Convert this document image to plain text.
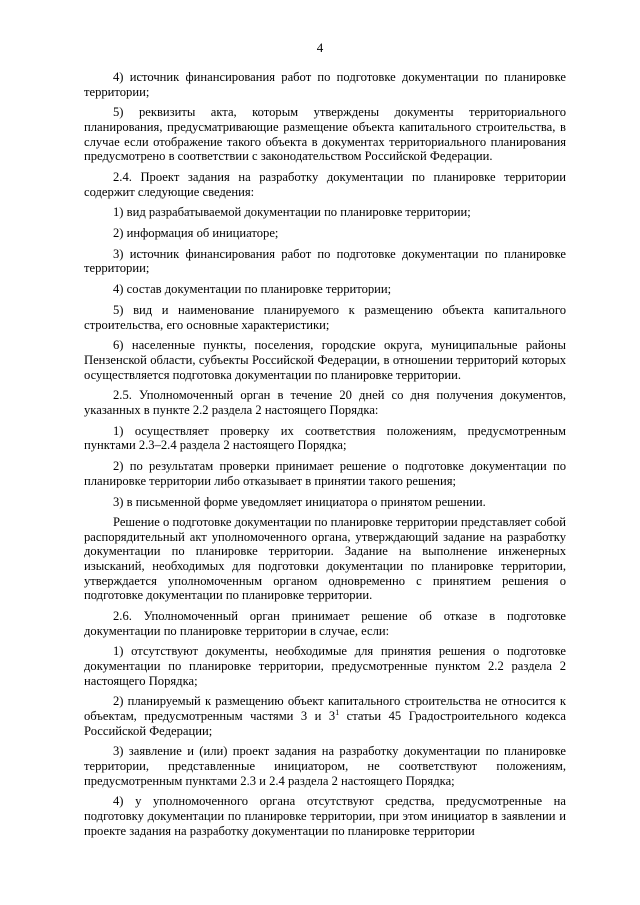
4

4) источник финансирования работ по подготовке документации по планировке территории;

5) реквизиты акта, которым утверждены документы территориального планирования, предусматривающие размещение объекта капитального строительства, в случае если отображение такого объекта в документах территориального планирования предусмотрено в соответствии с законодательством Российской Федерации.

2.4. Проект задания на разработку документации по планировке территории содержит следующие сведения:

1) вид разрабатываемой документации по планировке территории;

2) информация об инициаторе;

3) источник финансирования работ по подготовке документации по планировке территории;

4) состав документации по планировке территории;

5) вид и наименование планируемого к размещению объекта капитального строительства, его основные характеристики;

6) населенные пункты, поселения, городские округа, муниципальные районы Пензенской области, субъекты Российской Федерации, в отношении территорий которых осуществляется подготовка документации по планировке территории.

2.5. Уполномоченный орган в течение 20 дней со дня получения документов, указанных в пункте 2.2 раздела 2 настоящего Порядка:

1) осуществляет проверку их соответствия положениям, предусмотренным пунктами 2.3–2.4 раздела 2 настоящего Порядка;

2) по результатам проверки принимает решение о подготовке документации по планировке территории либо отказывает в принятии такого решения;

3) в письменной форме уведомляет инициатора о принятом решении.

Решение о подготовке документации по планировке территории представляет собой распорядительный акт уполномоченного органа, утверждающий задание на разработку документации по планировке территории. Задание на выполнение инженерных изысканий, необходимых для подготовки документации по планировке территории, утверждается уполномоченным органом одновременно с принятием решения о подготовке документации по планировке территории.

2.6. Уполномоченный орган принимает решение об отказе в подготовке документации по планировке территории в случае, если:

1) отсутствуют документы, необходимые для принятия решения о подготовке документации по планировке территории, предусмотренные пунктом 2.2 раздела 2 настоящего Порядка;

2) планируемый к размещению объект капитального строительства не относится к объектам, предусмотренным частями 3 и $3^1$ статьи 45 Градостроительного кодекса Российской Федерации;

3) заявление и (или) проект задания на разработку документации по планировке территории, представленные инициатором, не соответствуют положениям, предусмотренным пунктами 2.3 и 2.4 раздела 2 настоящего Порядка;

4) у уполномоченного органа отсутствуют средства, предусмотренные на подготовку документации по планировке территории, при этом инициатор в заявлении и проекте задания на разработку документации по планировке территории
